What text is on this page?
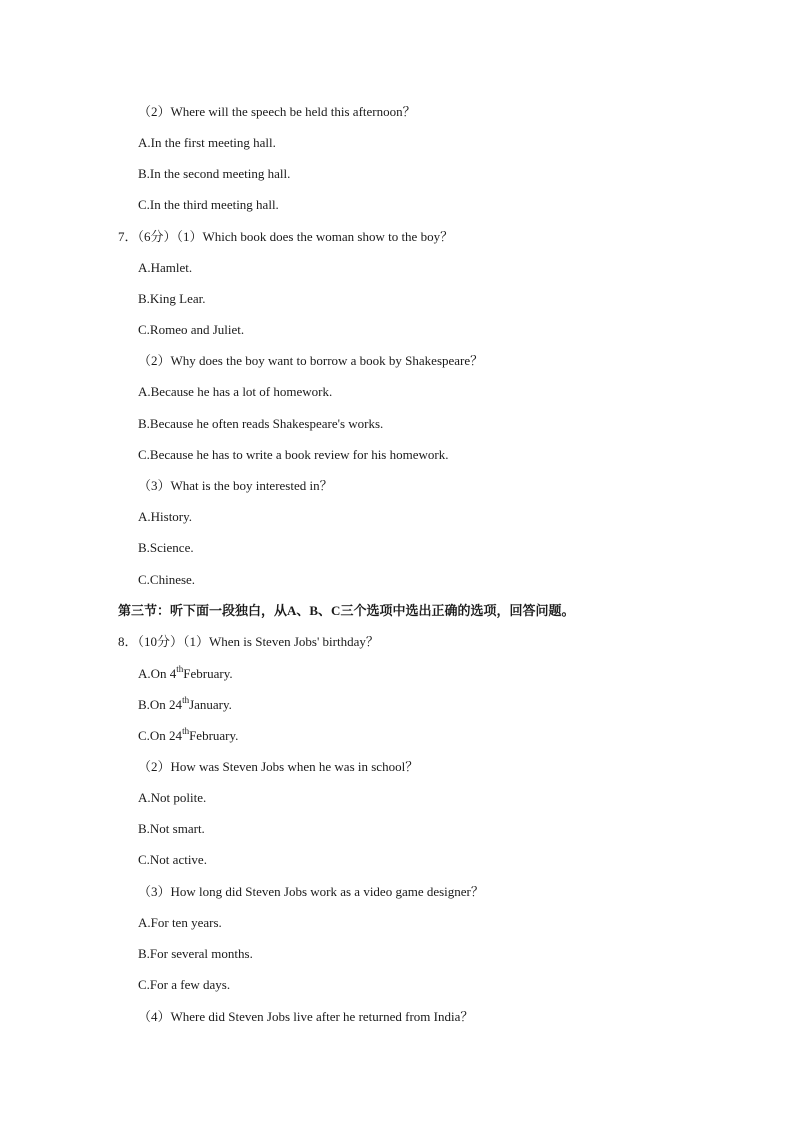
（2）Where will the speech be held this afternoon？
A.In the first meeting hall.
B.In the second meeting hall.
C.In the third meeting hall.
7．（6分）（1）Which book does the woman show to the boy？
A.Hamlet.
B.King Lear.
C.Romeo and Juliet.
（2）Why does the boy want to borrow a book by Shakespeare？
A.Because he has a lot of homework.
B.Because he often reads Shakespeare's works.
C.Because he has to write a book review for his homework.
（3）What is the boy interested in？
A.History.
B.Science.
C.Chinese.
第三节：听下面一段独白，从A、B、C三个选项中选出正确的选项，回答问题。
8．（10分）（1）When is Steven Jobs' birthday？
A.On 4thFebruary.
B.On 24thJanuary.
C.On 24thFebruary.
（2）How was Steven Jobs when he was in school？
A.Not polite.
B.Not smart.
C.Not active.
（3）How long did Steven Jobs work as a video game designer？
A.For ten years.
B.For several months.
C.For a few days.
（4）Where did Steven Jobs live after he returned from India？
